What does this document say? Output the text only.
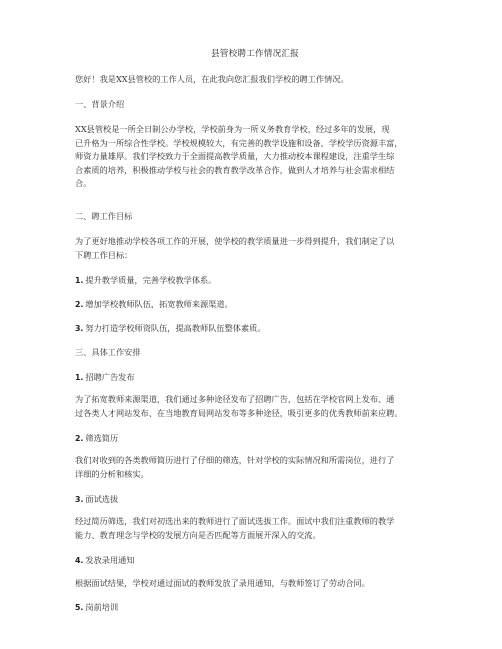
县管校聘工作情况汇报
您好！我是XX县管校的工作人员，在此我向您汇报我们学校的聘工作情况。
一、背景介绍
XX县管校是一所全日制公办学校，学校前身为一所义务教育学校，经过多年的发展，现
已升格为一所综合性学校。学校规模较大，有完善的教学设施和设备，学校学历资源丰富，
师资力量雄厚。我们学校致力于全面提高教学质量，大力推动校本课程建设，注重学生综
合素质的培养，积极推动学校与社会的教育教学改革合作，做到人才培养与社会需求相结
合。
二、聘工作目标
为了更好地推动学校各项工作的开展，使学校的教学质量进一步得到提升，我们制定了以
下聘工作目标：
1. 提升教学质量，完善学校教学体系。
2. 增加学校教师队伍，拓宽教师来源渠道。
3. 努力打造学校师资队伍，提高教师队伍整体素质。
三、具体工作安排
1. 招聘广告发布
为了拓宽教师来源渠道，我们通过多种途径发布了招聘广告，包括在学校官网上发布、通
过各类人才网站发布、在当地教育局网站发布等多种途径，吸引更多的优秀教师前来应聘。
2. 筛选简历
我们对收到的各类教师简历进行了仔细的筛选，针对学校的实际情况和所需岗位，进行了
详细的分析和核实。
3. 面试选拔
经过简历筛选，我们对初选出来的教师进行了面试选拔工作。面试中我们注重教师的教学
能力、教育理念与学校的发展方向是否匹配等方面展开深入的交流。
4. 发放录用通知
根据面试结果，学校对通过面试的教师发放了录用通知，与教师签订了劳动合同。
5. 岗前培训
